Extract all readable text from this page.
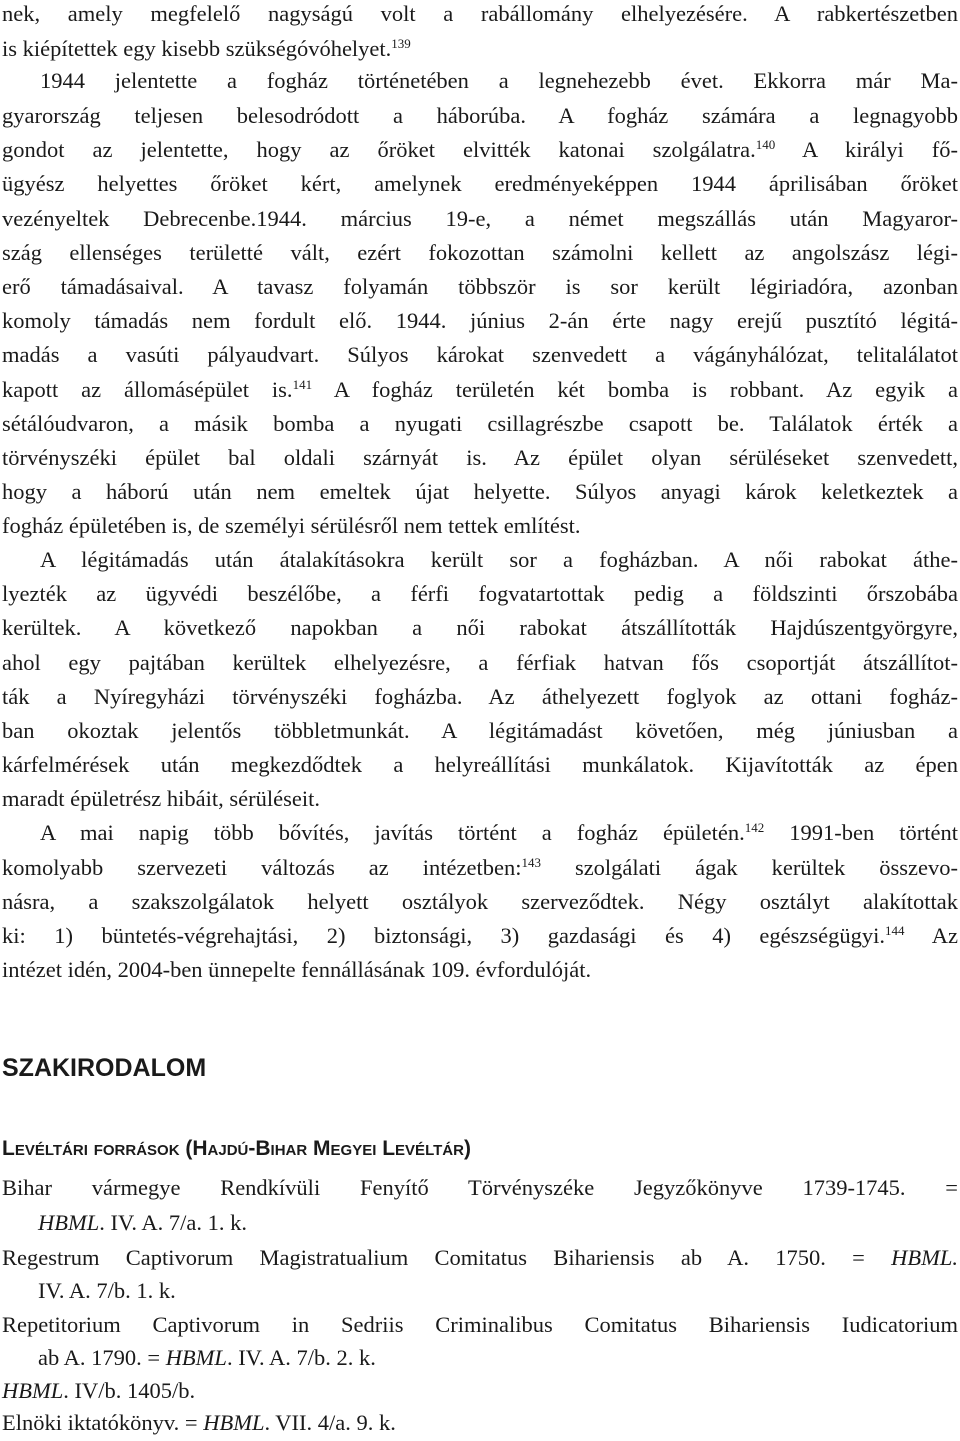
nek, amely megfelelő nagyságú volt a rabállomány elhelyezésére. A rabkertészetben
is kiépítettek egy kisebb szükségóvóhelyet.$^{139}$
1944 jelentette a fogház történetében a legnehezebb évet. Ekkorra már Ma-
gyarország teljesen belesodródott a háborúba. A fogház számára a legnagyobb
gondot az jelentette, hogy az őröket elvitték katonai szolgálatra.$^{140}$ A királyi fő-
ügyész helyettes őröket kért, amelynek eredményeképpen 1944 áprilisában őröket
vezényeltek Debrecenbe.1944. március 19-e, a német megszállás után Magyaror-
szág ellenséges területté vált, ezért fokozottan számolni kellett az angolszász légi-
erő támadásaival. A tavasz folyamán többször is sor került légiriadóra, azonban
komoly támadás nem fordult elő. 1944. június 2-án érte nagy erejű pusztító légitá-
madás a vasúti pályaudvart. Súlyos károkat szenvedett a vágányhálózat, telitalálatot
kapott az állomásépület is.$^{141}$ A fogház területén két bomba is robbant. Az egyik a
sétálóudvaron, a másik bomba a nyugati csillagrészbe csapott be. Találatok érték a
törvényszéki épület bal oldali szárnyát is. Az épület olyan sérüléseket szenvedett,
hogy a háború után nem emeltek újat helyette. Súlyos anyagi károk keletkeztek a
fogház épületében is, de személyi sérülésről nem tettek említést.
A légitámadás után átalakításokra került sor a fogházban. A női rabokat áthe-
lyezték az ügyvédi beszélőbe, a férfi fogvatartottak pedig a földszinti őrszobába
kerültek. A következő napokban a női rabokat átszállították Hajdúszentgyörgyre,
ahol egy pajtában kerültek elhelyezésre, a férfiak hatvan fős csoportját átszállítot-
ták a Nyíregyházi törvényszéki fogházba. Az áthelyezett foglyok az ottani fogház-
ban okoztak jelentős többletmunkát. A légitámadást követően, még júniusban a
kárfelmérések után megkezdődtek a helyreállítási munkálatok. Kijavították az épen
maradt épületrész hibáit, sérüléseit.
A mai napig több bővítés, javítás történt a fogház épületén.$^{142}$ 1991-ben történt
komolyabb szervezeti változás az intézetben:$^{143}$ szolgálati ágak kerültek összevo-
násra, a szakszolgálatok helyett osztályok szerveződtek. Négy osztályt alakítottak
ki: 1) büntetés-végrehajtási, 2) biztonsági, 3) gazdasági és 4) egészségügyi.$^{144}$ Az
intézet idén, 2004-ben ünnepelte fennállásának 109. évfordulóját.
SZAKIRODALOM
Levéltári források (Hajdú-Bihar Megyei Levéltár)
Bihar vármegye Rendkívüli Fenyítő Törvényszéke Jegyzőkönyve 1739-1745. =
HBML. IV. A. 7/a. 1. k.
Regestrum Captivorum Magistratualium Comitatus Bihariensis ab A. 1750. = HBML.
IV. A. 7/b. 1. k.
Repetitorium Captivorum in Sedriis Criminalibus Comitatus Bihariensis Iudicatorium
ab A. 1790. = HBML. IV. A. 7/b. 2. k.
HBML. IV/b. 1405/b.
Elnöki iktatókönyv. = HBML. VII. 4/a. 9. k.
